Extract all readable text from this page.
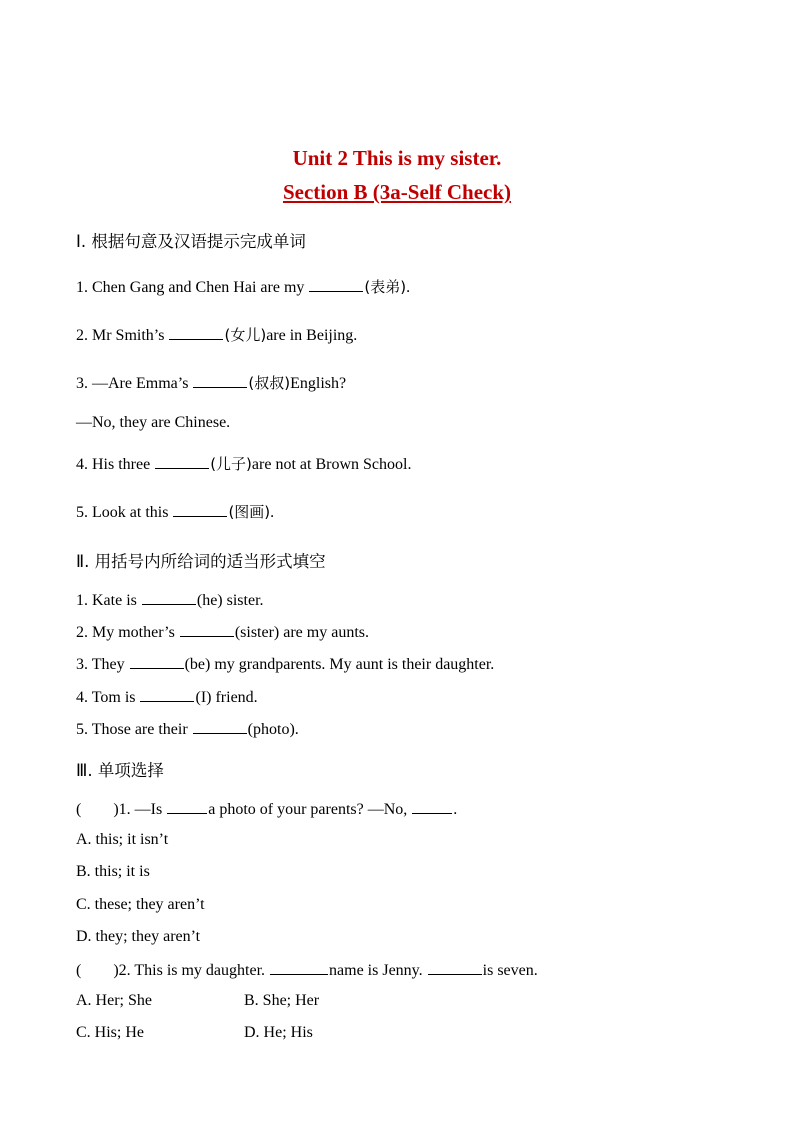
Unit 2 This is my sister.
Section B (3a-Self Check)
Ⅰ. 根据句意及汉语提示完成单词
1. Chen Gang and Chen Hai are my	(表弟).
2. Mr Smith’s	(女儿)are in Beijing.
3. —Are Emma’s	(叔叔)English?
—No, they are Chinese.
4. His three	(儿子)are not at Brown School.
5. Look at this	(图画).
Ⅱ. 用括号内所给词的适当形式填空
1. Kate is	(he) sister.
2. My mother’s	(sister) are my aunts.
3. They	(be) my grandparents. My aunt is their daughter.
4. Tom is	(I) friend.
5. Those are their	(photo).
Ⅲ. 单项选择
(        )1. —Is	a photo of your parents? —No,	.
A. this; it isn’t
B. this; it is
C. these; they aren’t
D. they; they aren’t
(        )2. This is my daughter.	name is Jenny.	is seven.
A. Her; She	B. She; Her
C. His; He	D. He; His
